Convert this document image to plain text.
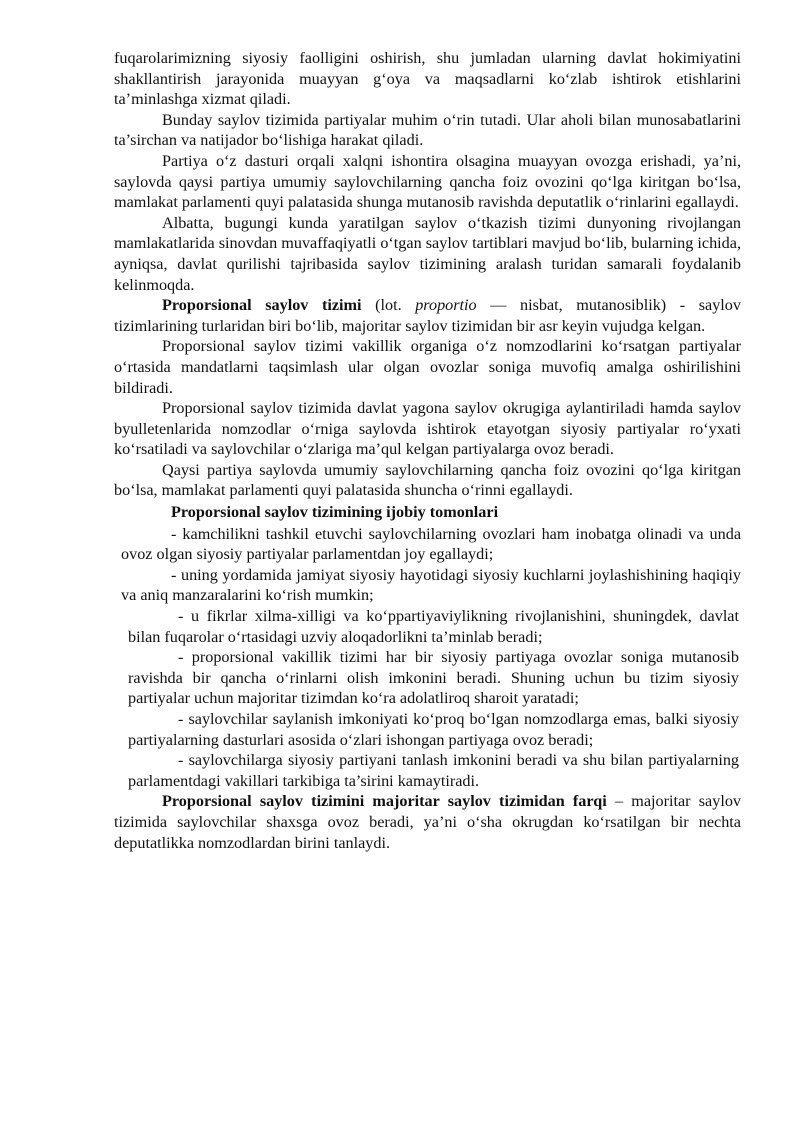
fuqarolarimizning siyosiy faolligini oshirish, shu jumladan ularning davlat hokimiyatini shakllantirish jarayonida muayyan g‘oya va maqsadlarni ko‘zlab ishtirok etishlarini ta’minlashga xizmat qiladi.

Bunday saylov tizimida partiyalar muhim o‘rin tutadi. Ular aholi bilan munosabatlarini ta’sirchan va natijador bo‘lishiga harakat qiladi.

Partiya o‘z dasturi orqali xalqni ishontira olsagina muayyan ovozga erishadi, ya’ni, saylovda qaysi partiya umumiy saylovchilarning qancha foiz ovozini qo‘lga kiritgan bo‘lsa, mamlakat parlamenti quyi palatasida shunga mutanosib ravishda deputatlik o‘rinlarini egallaydi.

Albatta, bugungi kunda yaratilgan saylov o‘tkazish tizimi dunyoning rivojlangan mamlakatlarida sinovdan muvaffaqiyatli o‘tgan saylov tartiblari mavjud bo‘lib, bularning ichida, ayniqsa, davlat qurilishi tajribasida saylov tizimining aralash turidan samarali foydalanib kelinmoqda.

Proporsional saylov tizimi (lot. proportio — nisbat, mutanosiblik) - saylov tizimlarining turlaridan biri bo‘lib, majoritar saylov tizimidan bir asr keyin vujudga kelgan.

Proporsional saylov tizimi vakillik organiga o‘z nomzodlarini ko‘rsatgan partiyalar o‘rtasida mandatlarni taqsimlash ular olgan ovozlar soniga muvofiq amalga oshirilishini bildiradi.

Proporsional saylov tizimida davlat yagona saylov okrugiga aylantiriladi hamda saylov byulletenlarida nomzodlar o‘rniga saylovda ishtirok etayotgan siyosiy partiyalar ro‘yxati ko‘rsatiladi va saylovchilar o‘zlariga ma’qul kelgan partiyalarga ovoz beradi.

Qaysi partiya saylovda umumiy saylovchilarning qancha foiz ovozini qo‘lga kiritgan bo‘lsa, mamlakat parlamenti quyi palatasida shuncha o‘rinni egallaydi.

Proporsional saylov tizimining ijobiy tomonlari

- kamchilikni tashkil etuvchi saylovchilarning ovozlari ham inobatga olinadi va unda ovoz olgan siyosiy partiyalar parlamentdan joy egallaydi;

- uning yordamida jamiyat siyosiy hayotidagi siyosiy kuchlarni joylashishining haqiqiy va aniq manzaralarini ko‘rish mumkin;

- u fikrlar xilma-xilligi va ko‘ppartiyaviylikning rivojlanishini, shuningdek, davlat bilan fuqarolar o‘rtasidagi uzviy aloqadorlikni ta’minlab beradi;

- proporsional vakillik tizimi har bir siyosiy partiyaga ovozlar soniga mutanosib ravishda bir qancha o‘rinlarni olish imkonini beradi. Shuning uchun bu tizim siyosiy partiyalar uchun majoritar tizimdan ko‘ra adolatliroq sharoit yaratadi;

- saylovchilar saylanish imkoniyati ko‘proq bo‘lgan nomzodlarga emas, balki siyosiy partiyalarning dasturlari asosida o‘zlari ishongan partiyaga ovoz beradi;

- saylovchilarga siyosiy partiyani tanlash imkonini beradi va shu bilan partiyalarning parlamentdagi vakillari tarkibiga ta’sirini kamaytiradi.

Proporsional saylov tizimini majoritar saylov tizimidan farqi – majoritar saylov tizimida saylovchilar shaxsga ovoz beradi, ya’ni o‘sha okrugdan ko‘rsatilgan bir nechta deputatlikka nomzodlardan birini tanlaydi.
